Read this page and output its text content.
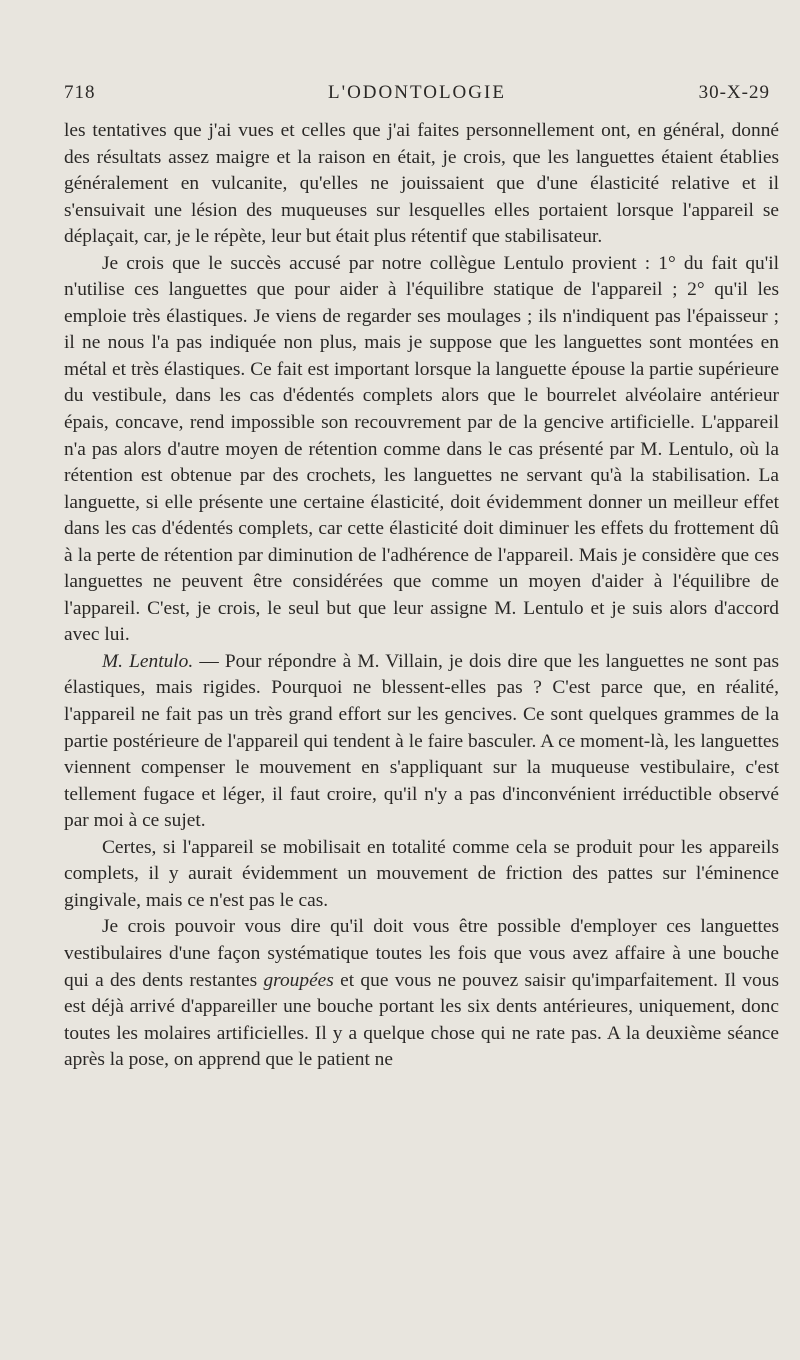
718	L'ODONTOLOGIE	30-X-29

les tentatives que j'ai vues et celles que j'ai faites personnellement ont, en général, donné des résultats assez maigre et la raison en était, je crois, que les languettes étaient établies généralement en vulcanite, qu'elles ne jouissaient que d'une élasticité relative et il s'ensuivait une lésion des muqueuses sur lesquelles elles portaient lorsque l'appareil se déplaçait, car, je le répète, leur but était plus rétentif que stabilisateur.

Je crois que le succès accusé par notre collègue Lentulo provient : 1° du fait qu'il n'utilise ces languettes que pour aider à l'équilibre statique de l'appareil ; 2° qu'il les emploie très élastiques. Je viens de regarder ses moulages ; ils n'indiquent pas l'épaisseur ; il ne nous l'a pas indiquée non plus, mais je suppose que les languettes sont montées en métal et très élastiques. Ce fait est important lorsque la languette épouse la partie supérieure du vestibule, dans les cas d'édentés complets alors que le bourrelet alvéolaire antérieur épais, concave, rend impossible son recouvrement par de la gencive artificielle. L'appareil n'a pas alors d'autre moyen de rétention comme dans le cas présenté par M. Lentulo, où la rétention est obtenue par des crochets, les languettes ne servant qu'à la stabilisation. La languette, si elle présente une certaine élasticité, doit évidemment donner un meilleur effet dans les cas d'édentés complets, car cette élasticité doit diminuer les effets du frottement dû à la perte de rétention par diminution de l'adhérence de l'appareil. Mais je considère que ces languettes ne peuvent être considérées que comme un moyen d'aider à l'équilibre de l'appareil. C'est, je crois, le seul but que leur assigne M. Lentulo et je suis alors d'accord avec lui.

M. Lentulo. — Pour répondre à M. Villain, je dois dire que les languettes ne sont pas élastiques, mais rigides. Pourquoi ne blessent-elles pas ? C'est parce que, en réalité, l'appareil ne fait pas un très grand effort sur les gencives. Ce sont quelques grammes de la partie postérieure de l'appareil qui tendent à le faire basculer. A ce moment-là, les languettes viennent compenser le mouvement en s'appliquant sur la muqueuse vestibulaire, c'est tellement fugace et léger, il faut croire, qu'il n'y a pas d'inconvénient irréductible observé par moi à ce sujet.

Certes, si l'appareil se mobilisait en totalité comme cela se produit pour les appareils complets, il y aurait évidemment un mouvement de friction des pattes sur l'éminence gingivale, mais ce n'est pas le cas.

Je crois pouvoir vous dire qu'il doit vous être possible d'employer ces languettes vestibulaires d'une façon systématique toutes les fois que vous avez affaire à une bouche qui a des dents restantes groupées et que vous ne pouvez saisir qu'imparfaitement. Il vous est déjà arrivé d'appareiller une bouche portant les six dents antérieures, uniquement, donc toutes les molaires artificielles. Il y a quelque chose qui ne rate pas. A la deuxième séance après la pose, on apprend que le patient ne
